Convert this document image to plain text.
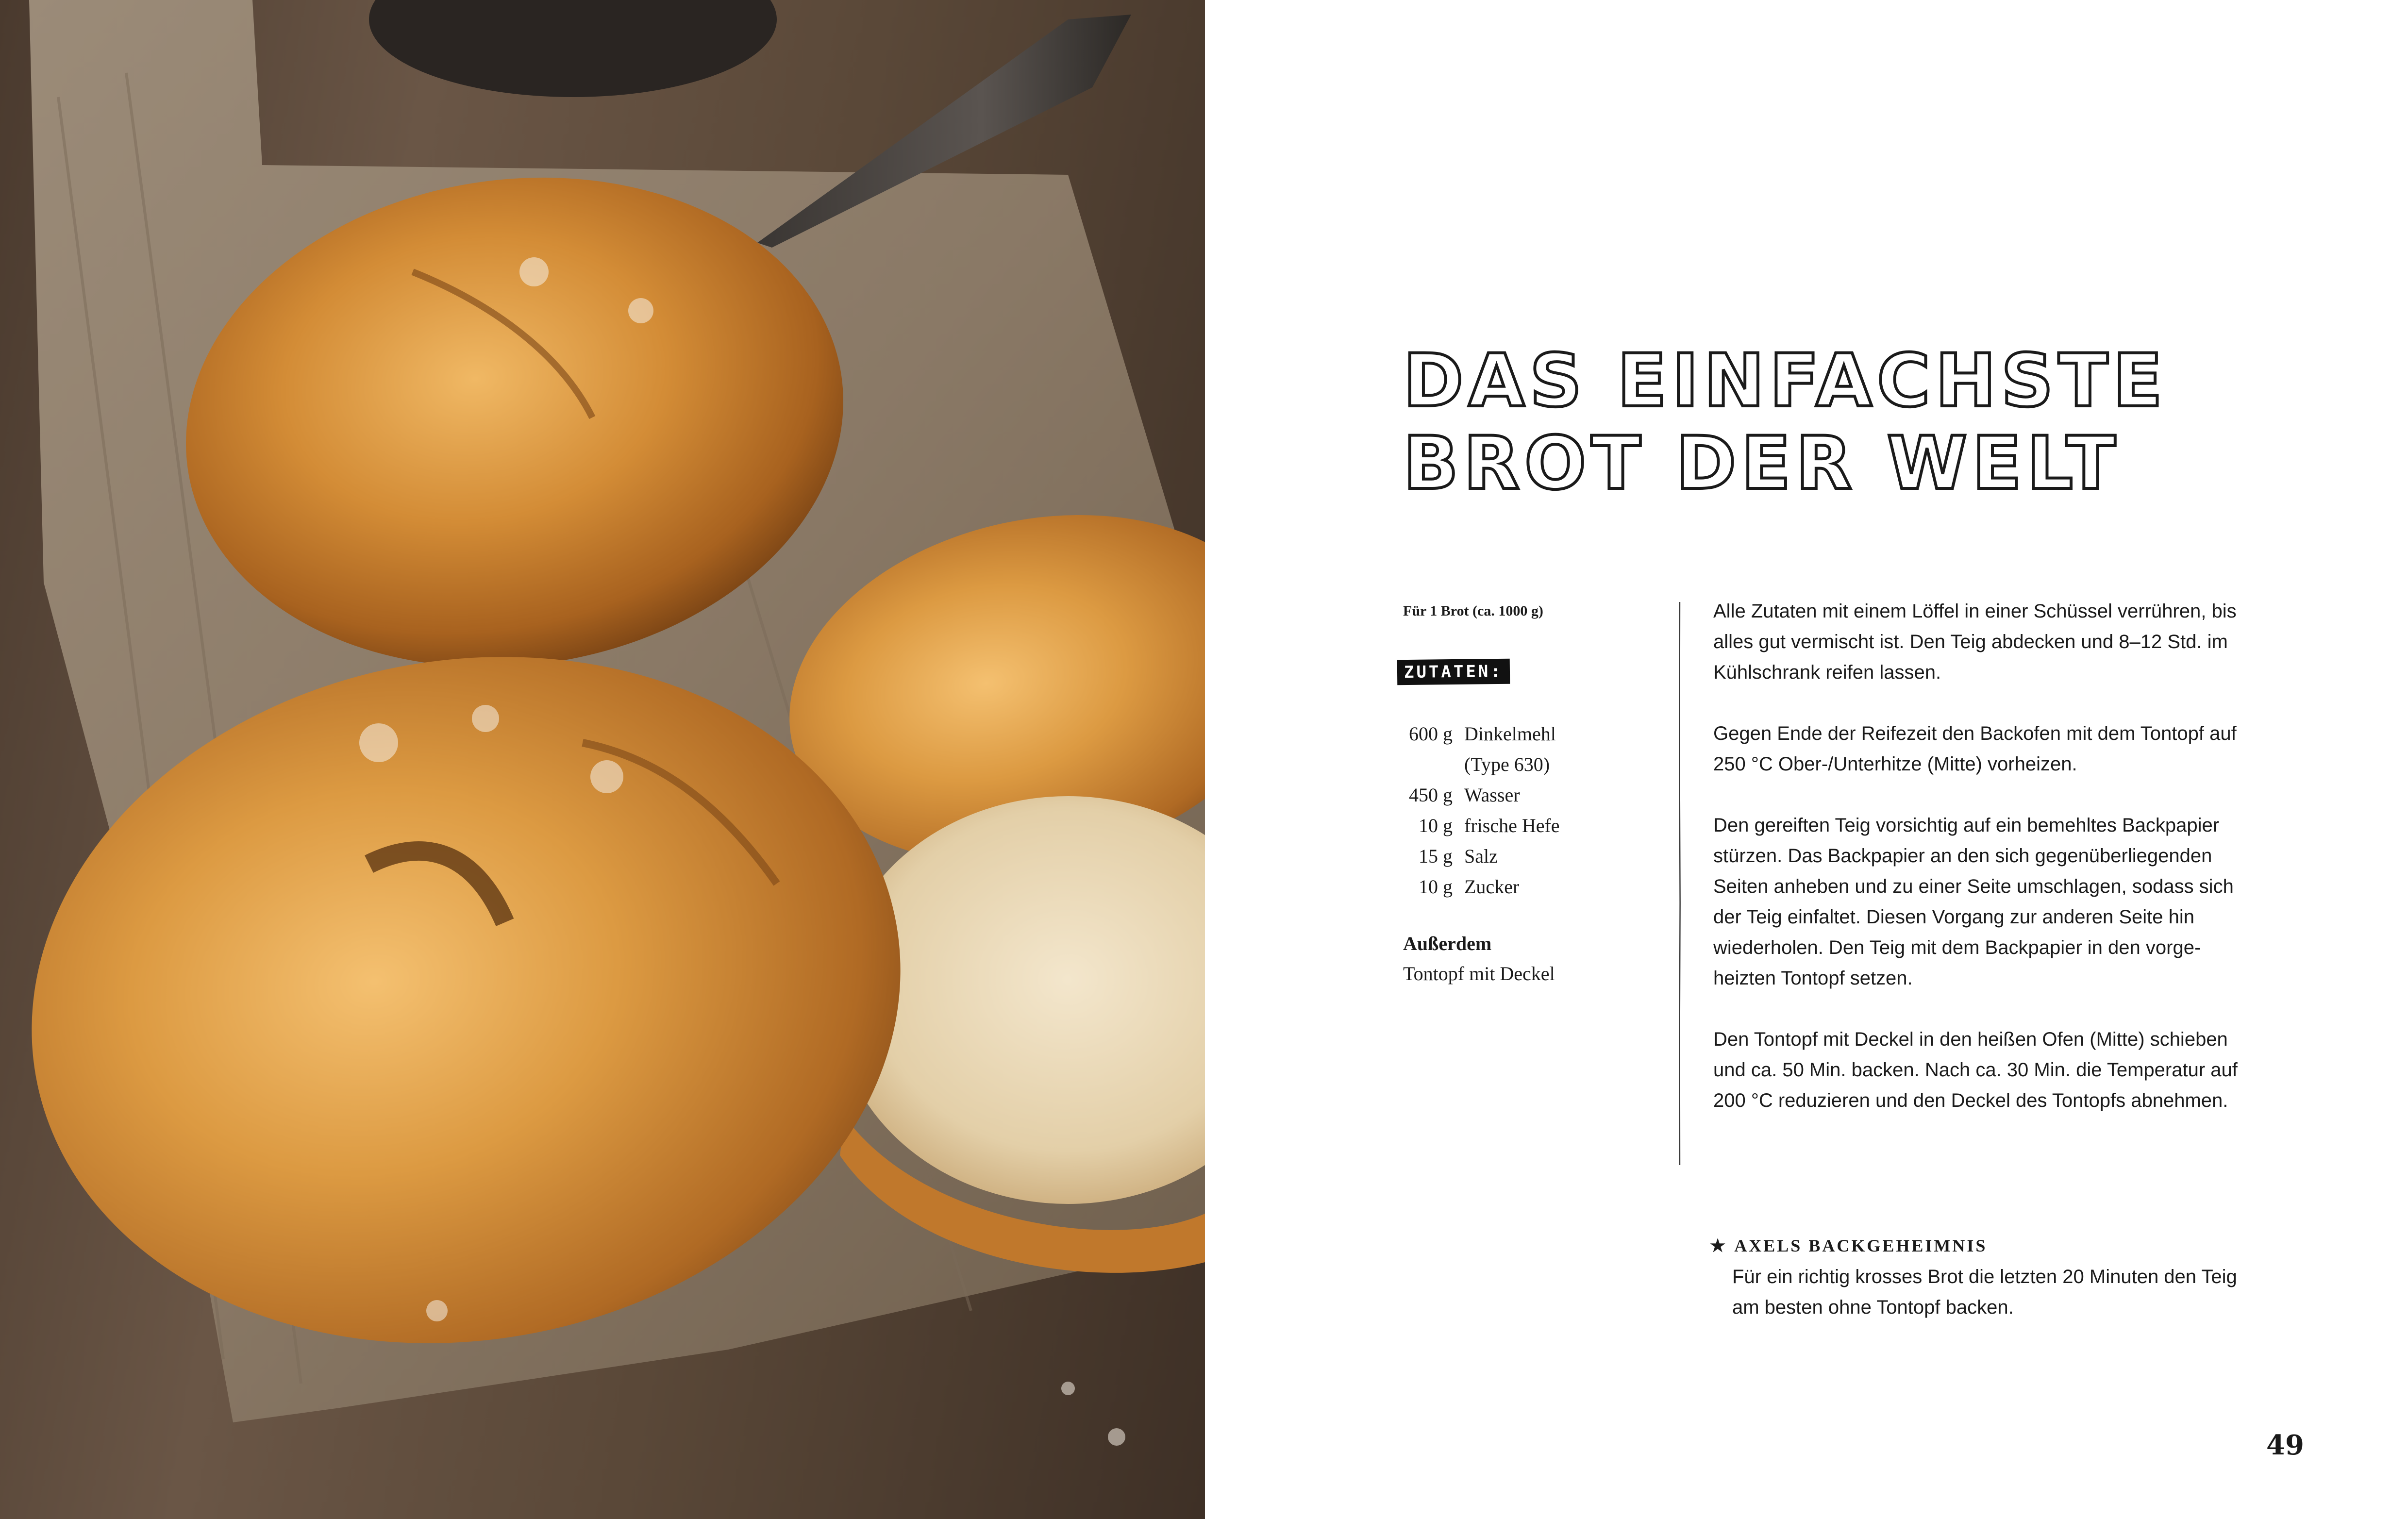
DAS EINFACHSTE BROT DER WELT
Für 1 Brot (ca. 1000 g)
ZUTATEN:
600 g Dinkelmehl
(Type 630)
450 g Wasser
10 g frische Hefe
15 g Salz
10 g Zucker
Außerdem
Tontopf mit Deckel

Alle Zutaten mit einem Löffel in einer Schüssel verrühren, bis alles gut vermischt ist. Den Teig abdecken und 8–12 Std. im Kühlschrank reifen lassen.

Gegen Ende der Reifezeit den Backofen mit dem Tontopf auf 250 °C Ober-/Unterhitze (Mitte) vorheizen.

Den gereiften Teig vorsichtig auf ein bemehltes Backpapier stürzen. Das Backpapier an den sich gegenüberliegenden Seiten anheben und zu einer Seite umschlagen, sodass sich der Teig einfaltet. Diesen Vorgang zur anderen Seite hin wiederholen. Den Teig mit dem Backpapier in den vorgeheizten Tontopf setzen.

Den Tontopf mit Deckel in den heißen Ofen (Mitte) schieben und ca. 50 Min. backen. Nach ca. 30 Min. die Temperatur auf 200 °C reduzieren und den Deckel des Tontopfs abnehmen.

★ AXELS BACKGEHEIMNIS
Für ein richtig krosses Brot die letzten 20 Minuten den Teig am besten ohne Tontopf backen.
49
